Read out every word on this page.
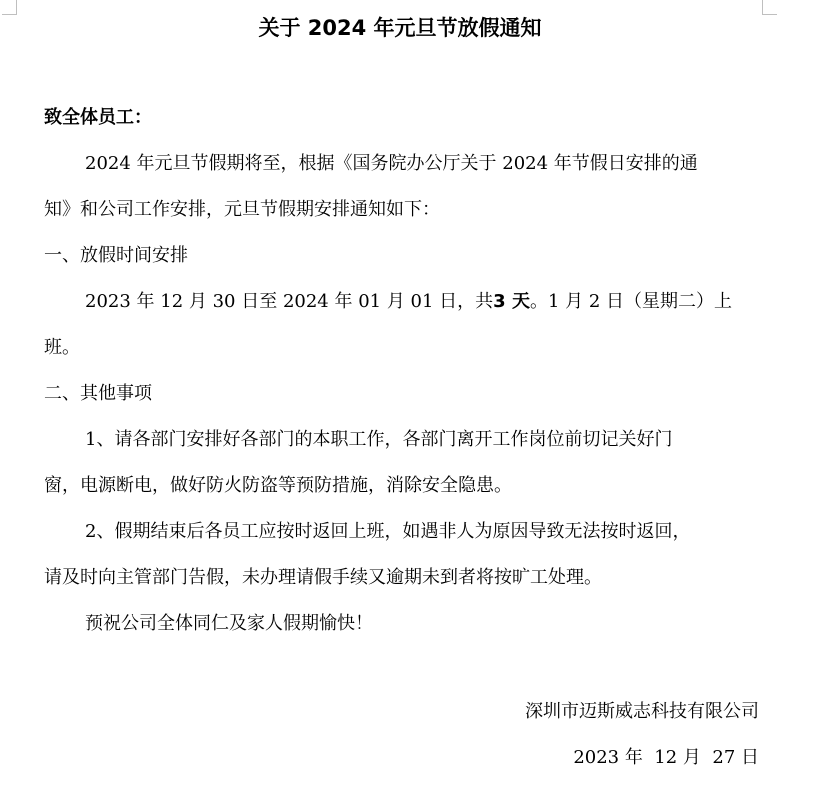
关于 2024 年元旦节放假通知
致全体员工：
2024 年元旦节假期将至，根据《国务院办公厅关于 2024 年节假日安排的通
知》和公司工作安排，元旦节假期安排通知如下：
一、放假时间安排
2023 年 12 月 30 日至 2024 年 01 月 01 日，共3 天。1 月 2 日（星期二）上
班。
二、其他事项
1、请各部门安排好各部门的本职工作，各部门离开工作岗位前切记关好门
窗，电源断电，做好防火防盗等预防措施，消除安全隐患。
2、假期结束后各员工应按时返回上班，如遇非人为原因导致无法按时返回，
请及时向主管部门告假，未办理请假手续又逾期未到者将按旷工处理。
预祝公司全体同仁及家人假期愉快！
深圳市迈斯威志科技有限公司
2023 年  12 月  27 日
